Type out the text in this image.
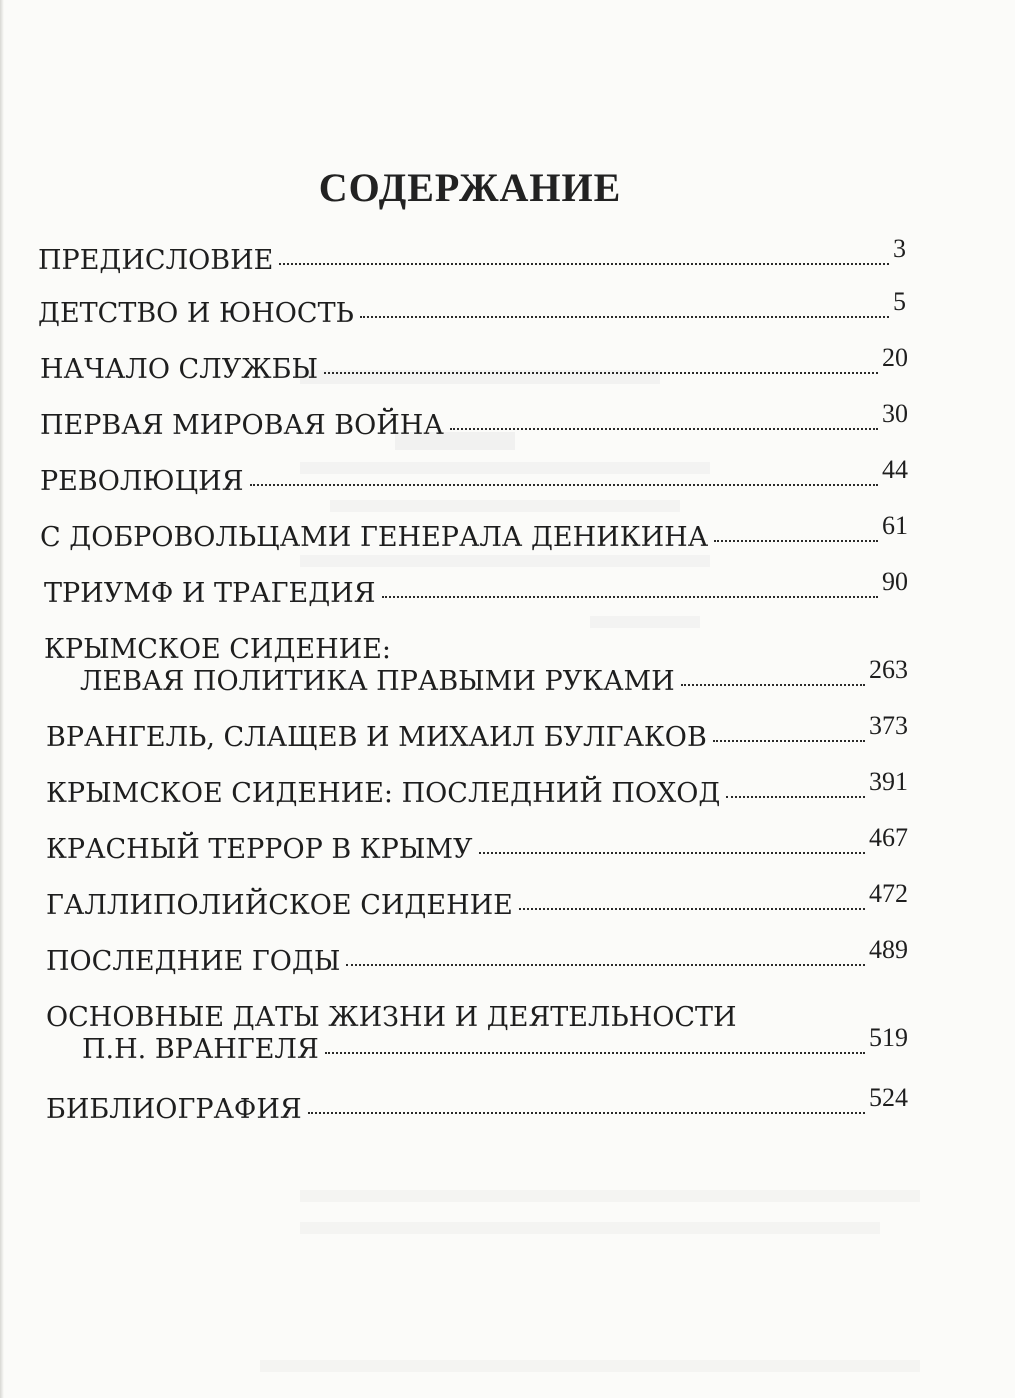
СОДЕРЖАНИЕ
ПРЕДИСЛОВИЕ	3
ДЕТСТВО И ЮНОСТЬ	5
НАЧАЛО СЛУЖБЫ	20
ПЕРВАЯ МИРОВАЯ ВОЙНА	30
РЕВОЛЮЦИЯ	44
С ДОБРОВОЛЬЦАМИ ГЕНЕРАЛА ДЕНИКИНА	61
ТРИУМФ И ТРАГЕДИЯ	90
КРЫМСКОЕ СИДЕНИЕ:
ЛЕВАЯ ПОЛИТИКА ПРАВЫМИ РУКАМИ	263
ВРАНГЕЛЬ, СЛАЩЕВ И МИХАИЛ БУЛГАКОВ	373
КРЫМСКОЕ СИДЕНИЕ: ПОСЛЕДНИЙ ПОХОД	391
КРАСНЫЙ ТЕРРОР В КРЫМУ	467
ГАЛЛИПОЛИЙСКОЕ СИДЕНИЕ	472
ПОСЛЕДНИЕ ГОДЫ	489
ОСНОВНЫЕ ДАТЫ ЖИЗНИ И ДЕЯТЕЛЬНОСТИ
П.Н. ВРАНГЕЛЯ	519
БИБЛИОГРАФИЯ	524
